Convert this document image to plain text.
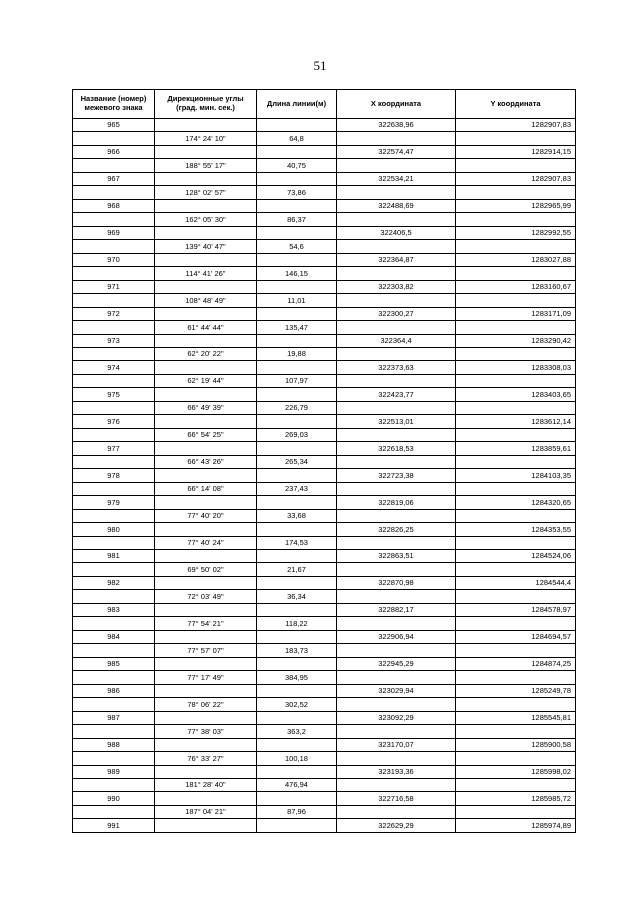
51
Название (номер) межевого знака	Дирекционные углы (град. мин. сек.)	Длина линии(м)	X координата	Y координата
965			322638,96	1282907,83
	174° 24' 10"	64,8		
966			322574,47	1282914,15
	188° 55' 17"	40,75		
967			322534,21	1282907,83
	128° 02' 57"	73,86		
968			322488,69	1282965,99
	162° 05' 30"	86,37		
969			322406,5	1282992,55
	139° 40' 47"	54,6		
970			322364,87	1283027,88
	114° 41' 26"	146,15		
971			322303,82	1283160,67
	108° 48' 49"	11,01		
972			322300,27	1283171,09
	61° 44' 44"	135,47		
973			322364,4	1283290,42
	62° 20' 22"	19,88		
974			322373,63	1283308,03
	62° 19' 44"	107,97		
975			322423,77	1283403,65
	66° 49' 39"	226,79		
976			322513,01	1283612,14
	66° 54' 25"	269,03		
977			322618,53	1283859,61
	66° 43' 26"	265,34		
978			322723,38	1284103,35
	66° 14' 08"	237,43		
979			322819,06	1284320,65
	77° 40' 20"	33,68		
980			322826,25	1284353,55
	77° 40' 24"	174,53		
981			322863,51	1284524,06
	69° 50' 02"	21,67		
982			322870,98	1284544,4
	72° 03' 49"	36,34		
983			322882,17	1284578,97
	77° 54' 21"	118,22		
984			322906,94	1284694,57
	77° 57' 07"	183,73		
985			322945,29	1284874,25
	77° 17' 49"	384,95		
986			323029,94	1285249,78
	78° 06' 22"	302,52		
987			323092,29	1285545,81
	77° 38' 03"	363,2		
988			323170,07	1285900,58
	76° 33' 27"	100,18		
989			323193,36	1285998,02
	181° 28' 40"	476,94		
990			322716,58	1285985,72
	187° 04' 21"	87,96		
991			322629,29	1285974,89
